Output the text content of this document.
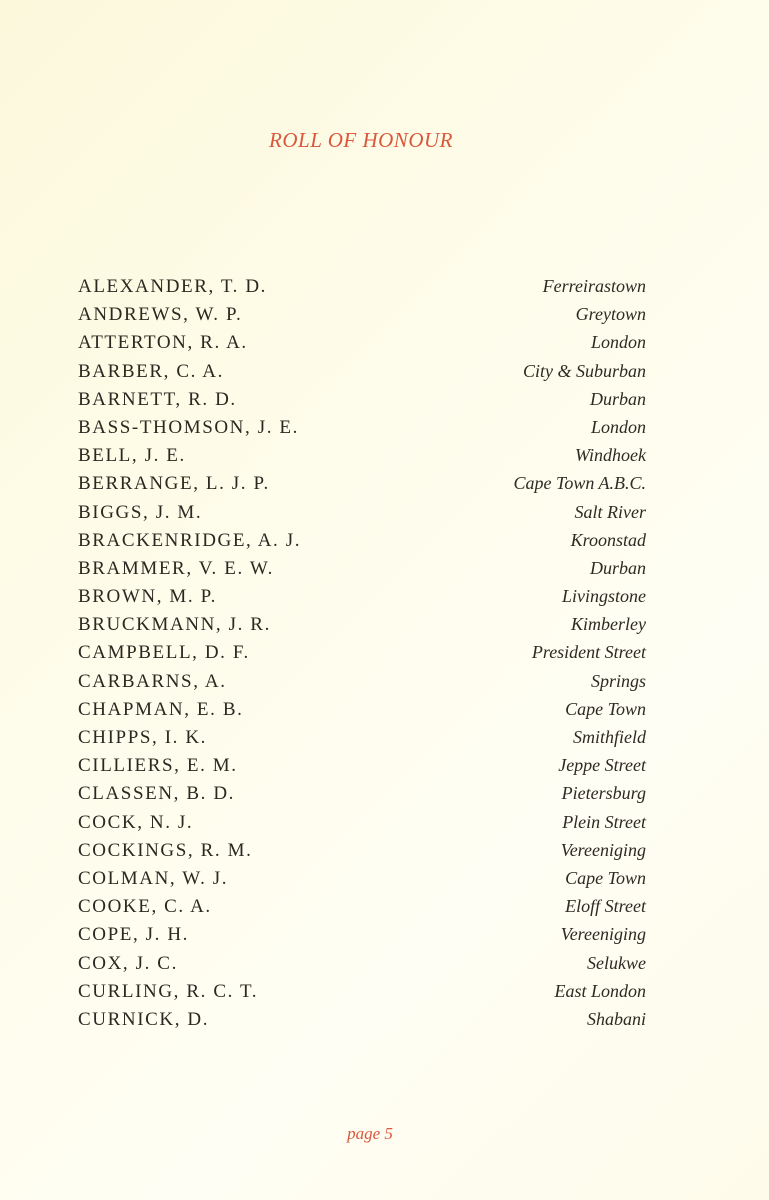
ROLL OF HONOUR
ALEXANDER, T. D.	Ferreirastown
ANDREWS, W. P.	Greytown
ATTERTON, R. A.	London
BARBER, C. A.	City & Suburban
BARNETT, R. D.	Durban
BASS-THOMSON, J. E.	London
BELL, J. E.	Windhoek
BERRANGE, L. J. P.	Cape Town A.B.C.
BIGGS, J. M.	Salt River
BRACKENRIDGE, A. J.	Kroonstad
BRAMMER, V. E. W.	Durban
BROWN, M. P.	Livingstone
BRUCKMANN, J. R.	Kimberley
CAMPBELL, D. F.	President Street
CARBARNS, A.	Springs
CHAPMAN, E. B.	Cape Town
CHIPPS, I. K.	Smithfield
CILLIERS, E. M.	Jeppe Street
CLASSEN, B. D.	Pietersburg
COCK, N. J.	Plein Street
COCKINGS, R. M.	Vereeniging
COLMAN, W. J.	Cape Town
COOKE, C. A.	Eloff Street
COPE, J. H.	Vereeniging
COX, J. C.	Selukwe
CURLING, R. C. T.	East London
CURNICK, D.	Shabani
page 5
